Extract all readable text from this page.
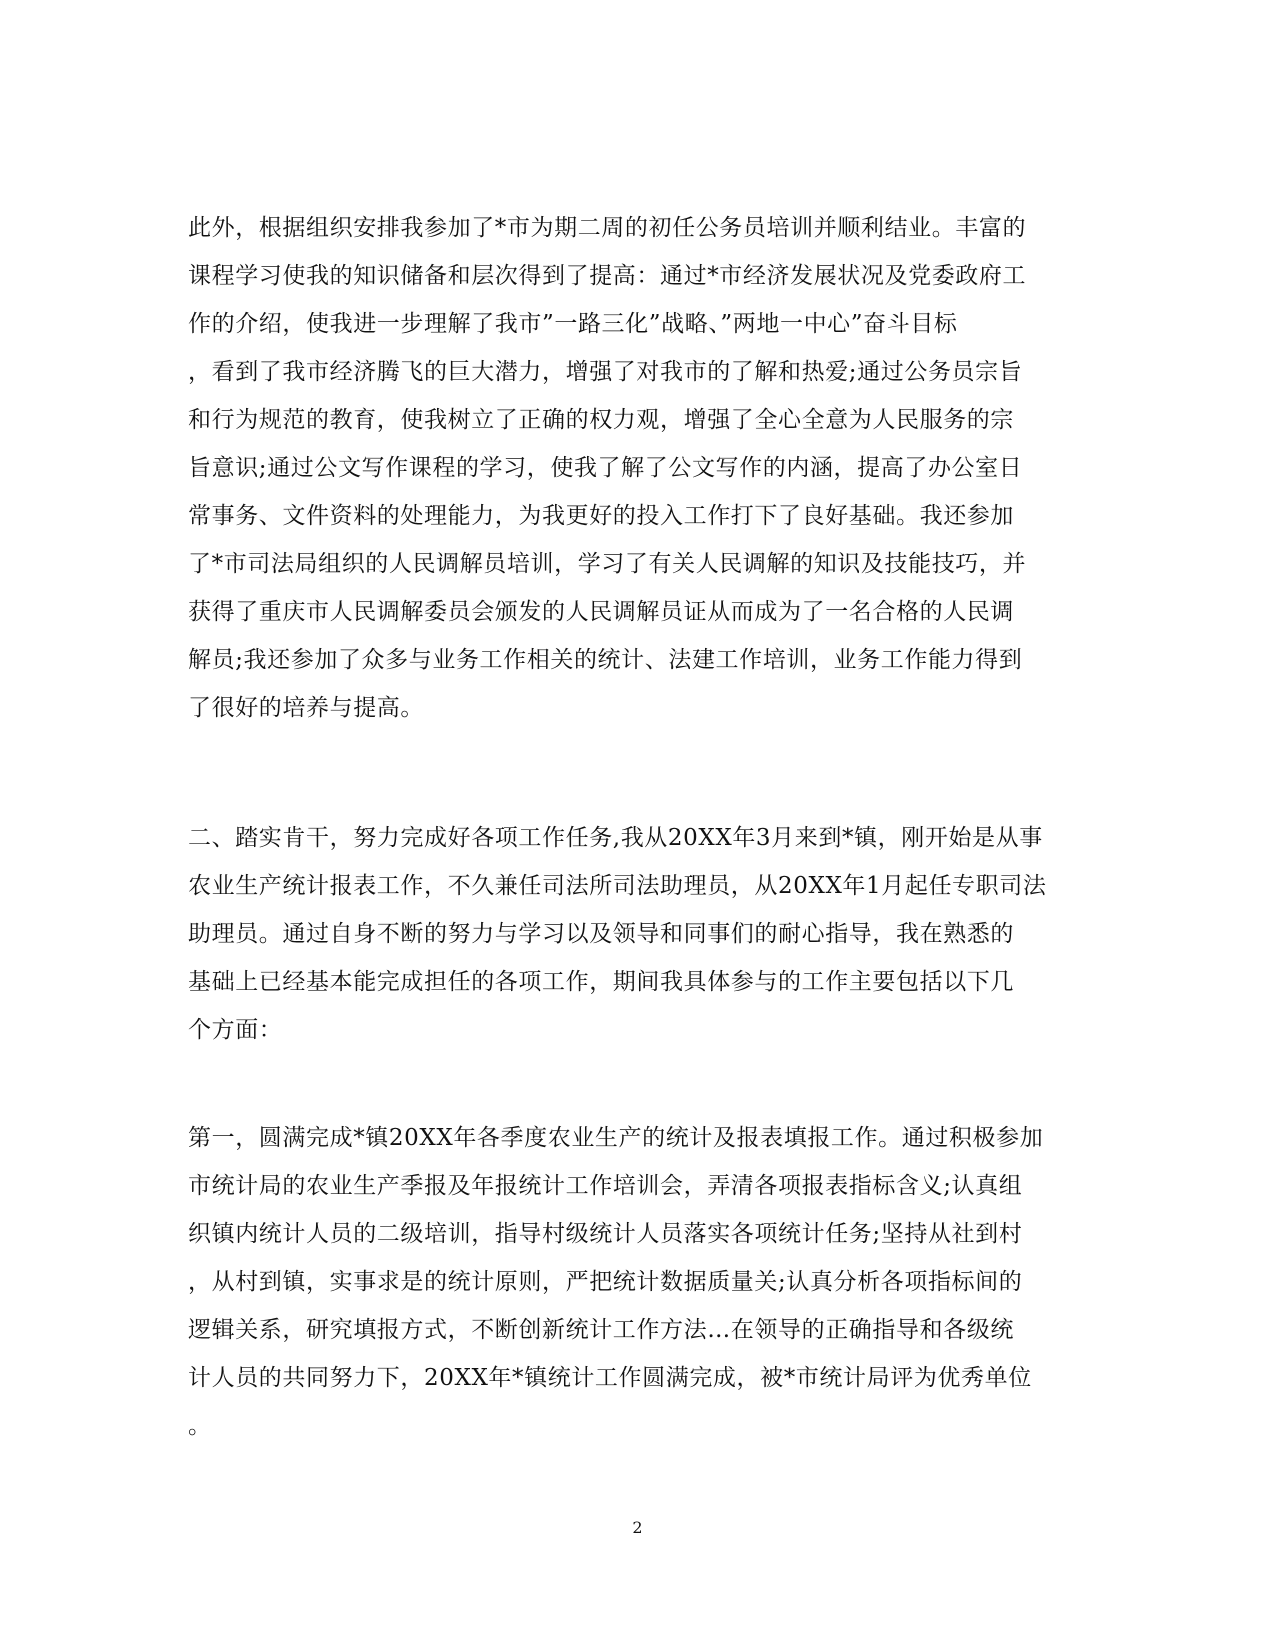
此外，根据组织安排我参加了*市为期二周的初任公务员培训并顺利结业。丰富的
课程学习使我的知识储备和层次得到了提高：通过*市经济发展状况及党委政府工
作的介绍，使我进一步理解了我市”一路三化”战略、”两地一中心”奋斗目标
，看到了我市经济腾飞的巨大潜力，增强了对我市的了解和热爱;通过公务员宗旨
和行为规范的教育，使我树立了正确的权力观，增强了全心全意为人民服务的宗
旨意识;通过公文写作课程的学习，使我了解了公文写作的内涵，提高了办公室日
常事务、文件资料的处理能力，为我更好的投入工作打下了良好基础。我还参加
了*市司法局组织的人民调解员培训，学习了有关人民调解的知识及技能技巧，并
获得了重庆市人民调解委员会颁发的人民调解员证从而成为了一名合格的人民调
解员;我还参加了众多与业务工作相关的统计、法建工作培训，业务工作能力得到
了很好的培养与提高。
二、踏实肯干，努力完成好各项工作任务,我从20XX年3月来到*镇，刚开始是从事
农业生产统计报表工作，不久兼任司法所司法助理员，从20XX年1月起任专职司法
助理员。通过自身不断的努力与学习以及领导和同事们的耐心指导，我在熟悉的
基础上已经基本能完成担任的各项工作，期间我具体参与的工作主要包括以下几
个方面：
第一，圆满完成*镇20XX年各季度农业生产的统计及报表填报工作。通过积极参加
市统计局的农业生产季报及年报统计工作培训会，弄清各项报表指标含义;认真组
织镇内统计人员的二级培训，指导村级统计人员落实各项统计任务;坚持从社到村
，从村到镇，实事求是的统计原则，严把统计数据质量关;认真分析各项指标间的
逻辑关系，研究填报方式，不断创新统计工作方法…在领导的正确指导和各级统
计人员的共同努力下，20XX年*镇统计工作圆满完成，被*市统计局评为优秀单位
。
2
